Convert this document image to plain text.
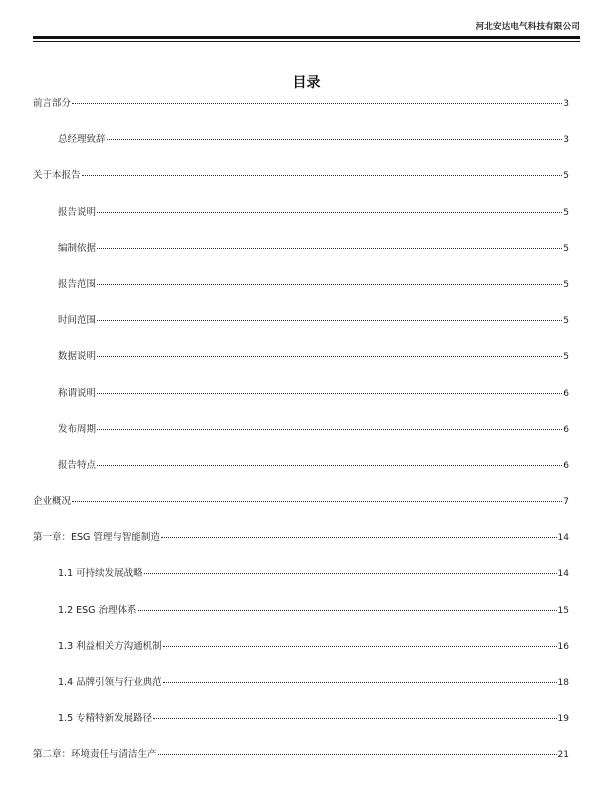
河北安达电气科技有限公司
目录
前言部分	3
总经理致辞	3
关于本报告	5
报告说明	5
编制依据	5
报告范围	5
时间范围	5
数据说明	5
称谓说明	6
发布周期	6
报告特点	6
企业概况	7
第一章：ESG 管理与智能制造	14
1.1 可持续发展战略	14
1.2 ESG 治理体系	15
1.3 利益相关方沟通机制	16
1.4 品牌引领与行业典范	18
1.5 专精特新发展路径	19
第二章：环境责任与清洁生产	21
